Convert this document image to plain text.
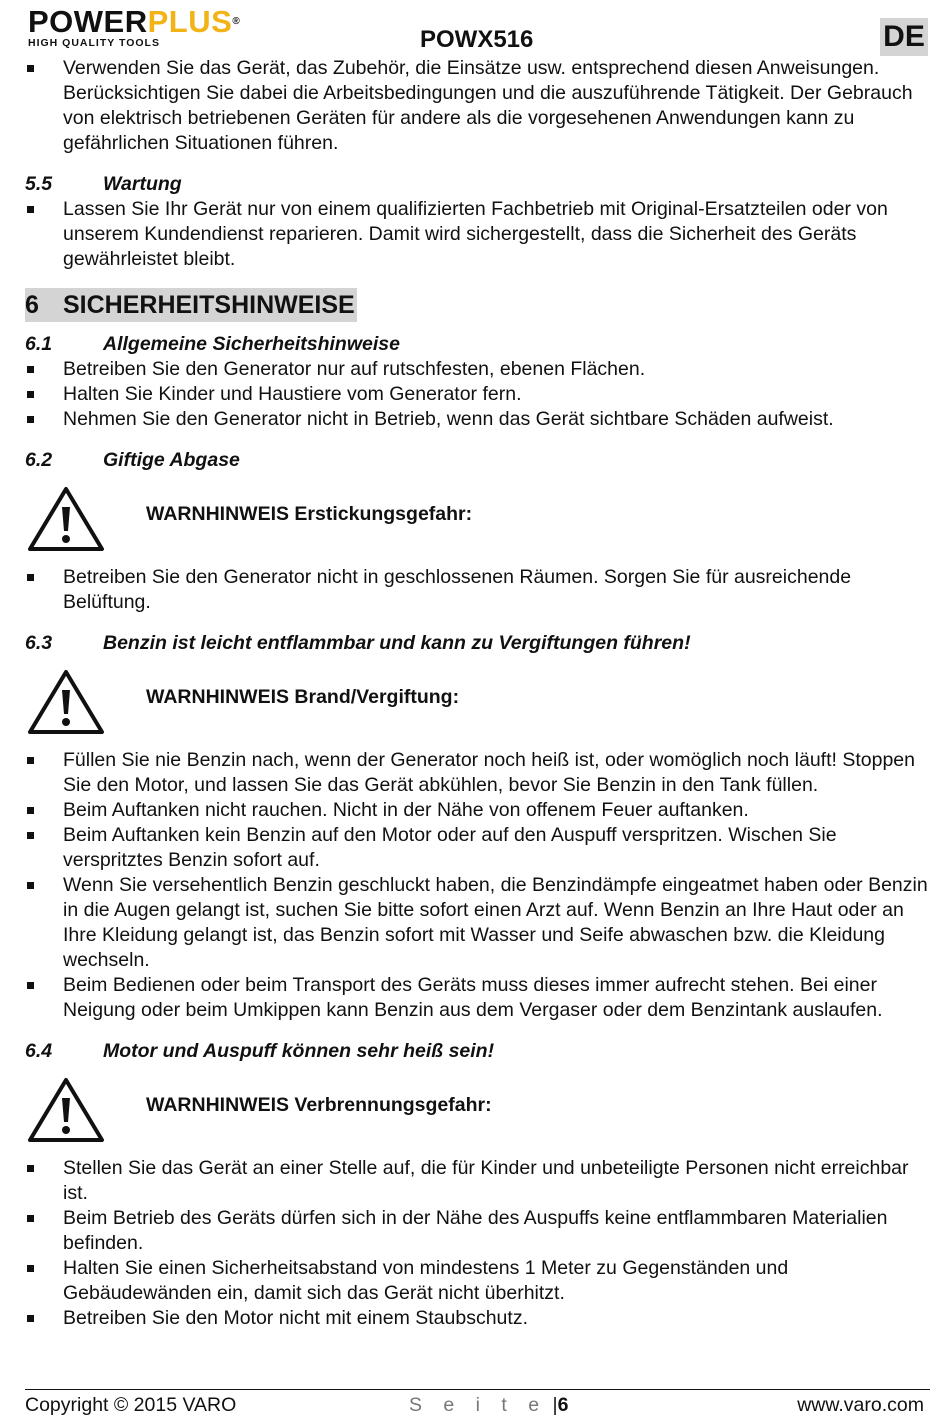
POWERPLUS®
HIGH QUALITY TOOLS	POWX516	DE
Verwenden Sie das Gerät, das Zubehör, die Einsätze usw. entsprechend diesen Anweisungen. Berücksichtigen Sie dabei die Arbeitsbedingungen und die auszuführende Tätigkeit. Der Gebrauch von elektrisch betriebenen Geräten für andere als die vorgesehenen Anwendungen kann zu gefährlichen Situationen führen.
5.5	Wartung
Lassen Sie Ihr Gerät nur von einem qualifizierten Fachbetrieb mit Original-Ersatzteilen oder von unserem Kundendienst reparieren. Damit wird sichergestellt, dass die Sicherheit des Geräts gewährleistet bleibt.
6 SICHERHEITSHINWEISE
6.1	Allgemeine Sicherheitshinweise
Betreiben Sie den Generator nur auf rutschfesten, ebenen Flächen.
Halten Sie Kinder und Haustiere vom Generator fern.
Nehmen Sie den Generator nicht in Betrieb, wenn das Gerät sichtbare Schäden aufweist.
6.2	Giftige Abgase
WARNHINWEIS Erstickungsgefahr:
Betreiben Sie den Generator nicht in geschlossenen Räumen. Sorgen Sie für ausreichende Belüftung.
6.3	Benzin ist leicht entflammbar und kann zu Vergiftungen führen!
WARNHINWEIS Brand/Vergiftung:
Füllen Sie nie Benzin nach, wenn der Generator noch heiß ist, oder womöglich noch läuft! Stoppen Sie den Motor, und lassen Sie das Gerät abkühlen, bevor Sie Benzin in den Tank füllen.
Beim Auftanken nicht rauchen. Nicht in der Nähe von offenem Feuer auftanken.
Beim Auftanken kein Benzin auf den Motor oder auf den Auspuff verspritzen. Wischen Sie verspritztes Benzin sofort auf.
Wenn Sie versehentlich Benzin geschluckt haben, die Benzindämpfe eingeatmet haben oder Benzin in die Augen gelangt ist, suchen Sie bitte sofort einen Arzt auf. Wenn Benzin an Ihre Haut oder an Ihre Kleidung gelangt ist, das Benzin sofort mit Wasser und Seife abwaschen bzw. die Kleidung wechseln.
Beim Bedienen oder beim Transport des Geräts muss dieses immer aufrecht stehen. Bei einer Neigung oder beim Umkippen kann Benzin aus dem Vergaser oder dem Benzintank auslaufen.
6.4	Motor und Auspuff können sehr heiß sein!
WARNHINWEIS Verbrennungsgefahr:
Stellen Sie das Gerät an einer Stelle auf, die für Kinder und unbeteiligte Personen nicht erreichbar ist.
Beim Betrieb des Geräts dürfen sich in der Nähe des Auspuffs keine entflammbaren Materialien befinden.
Halten Sie einen Sicherheitsabstand von mindestens 1 Meter zu Gegenständen und Gebäudewänden ein, damit sich das Gerät nicht überhitzt.
Betreiben Sie den Motor nicht mit einem Staubschutz.
Copyright © 2015 VARO	S e i t e |6	www.varo.com
